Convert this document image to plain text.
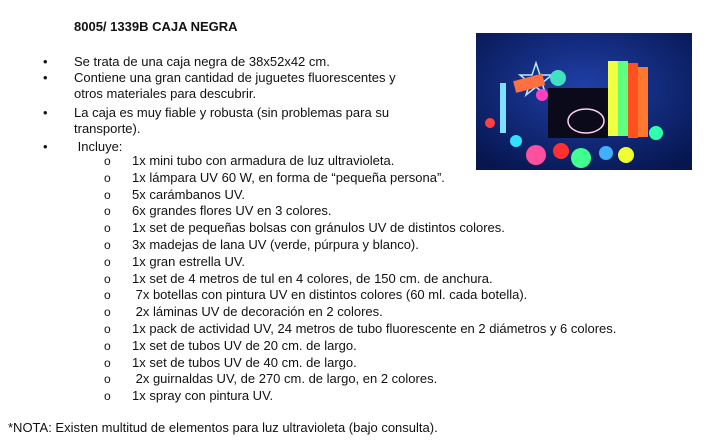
8005/ 1339B CAJA NEGRA
• Se trata de una caja negra de 38x52x42 cm.
• Contiene una gran cantidad de juguetes fluorescentes y
otros materiales para descubrir.
• La caja es muy fiable y robusta (sin problemas para su
transporte).
• Incluye:
o 1x mini tubo con armadura de luz ultravioleta.
o 1x lámpara UV 60 W, en forma de “pequeña persona”.
o 5x carámbanos UV.
o 6x grandes flores UV en 3 colores.
o 1x set de pequeñas bolsas con gránulos UV de distintos colores.
o 3x madejas de lana UV (verde, púrpura y blanco).
o 1x gran estrella UV.
o 1x set de 4 metros de tul en 4 colores, de 150 cm. de anchura.
o 7x botellas con pintura UV en distintos colores (60 ml. cada botella).
o 2x láminas UV de decoración en 2 colores.
o 1x pack de actividad UV, 24 metros de tubo fluorescente en 2 diámetros y 6 colores.
o 1x set de tubos UV de 20 cm. de largo.
o 1x set de tubos UV de 40 cm. de largo.
o 2x guirnaldas UV, de 270 cm. de largo, en 2 colores.
o 1x spray con pintura UV.
*NOTA: Existen multitud de elementos para luz ultravioleta (bajo consulta).
